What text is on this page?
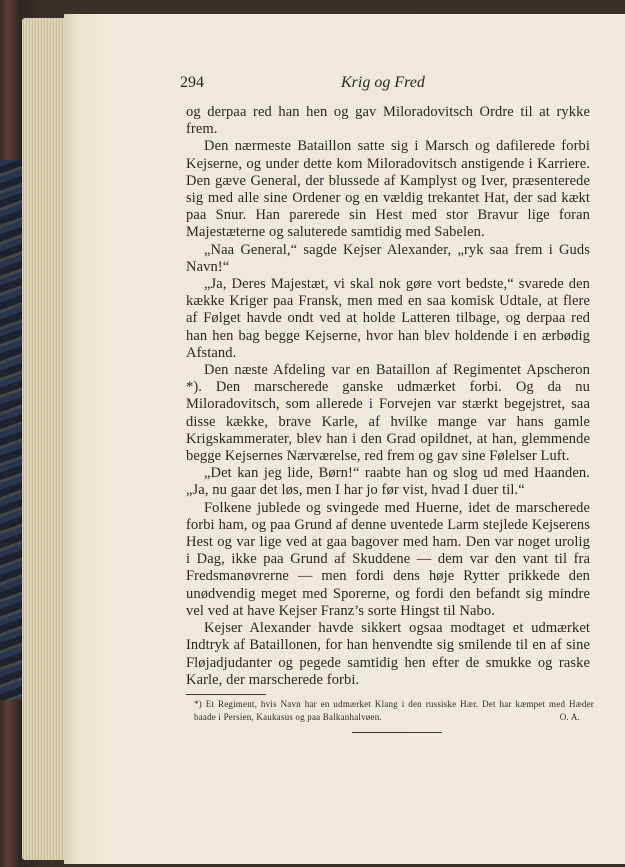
294	Krig og Fred

og derpaa red han hen og gav Miloradovitsch Ordre til at rykke frem.

Den nærmeste Bataillon satte sig i Marsch og dafilerede forbi Kejserne, og under dette kom Miloradovitsch anstigende i Karriere. Den gæve General, der blussede af Kamplyst og Iver, præsenterede sig med alle sine Ordener og en vældig trekantet Hat, der sad kækt paa Snur. Han parerede sin Hest med stor Bravur lige foran Majestæterne og saluterede samtidig med Sabelen.

„Naa General,“ sagde Kejser Alexander, „ryk saa frem i Guds Navn!“

„Ja, Deres Majestæt, vi skal nok gøre vort bedste,“ svarede den kække Kriger paa Fransk, men med en saa komisk Udtale, at flere af Følget havde ondt ved at holde Latteren tilbage, og derpaa red han hen bag begge Kejserne, hvor han blev holdende i en ærbødig Afstand.

Den næste Afdeling var en Bataillon af Regimentet Apscheron *). Den marscherede ganske udmærket forbi. Og da nu Miloradovitsch, som allerede i Forvejen var stærkt begejstret, saa disse kække, brave Karle, af hvilke mange var hans gamle Krigskammerater, blev han i den Grad opildnet, at han, glemmende begge Kejsernes Nærværelse, red frem og gav sine Følelser Luft.

„Det kan jeg lide, Børn!“ raabte han og slog ud med Haanden. „Ja, nu gaar det løs, men I har jo før vist, hvad I duer til.“

Folkene jublede og svingede med Huerne, idet de marscherede forbi ham, og paa Grund af denne uventede Larm stejlede Kejserens Hest og var lige ved at gaa bagover med ham. Den var noget urolig i Dag, ikke paa Grund af Skuddene — dem var den vant til fra Fredsmanøvrerne — men fordi dens høje Rytter prikkede den unødvendig meget med Sporerne, og fordi den befandt sig mindre vel ved at have Kejser Franz’s sorte Hingst til Nabo.

Kejser Alexander havde sikkert ogsaa modtaget et udmærket Indtryk af Bataillonen, for han henvendte sig smilende til en af sine Fløjadjudanter og pegede samtidig hen efter de smukke og raske Karle, der marscherede forbi.

*) Et Regiment, hvis Navn har en udmærket Klang i den russiske Hær. Det har kæmpet med Hæder baade i Persien, Kaukasus og paa Balkanhalvøen.	O. A.
